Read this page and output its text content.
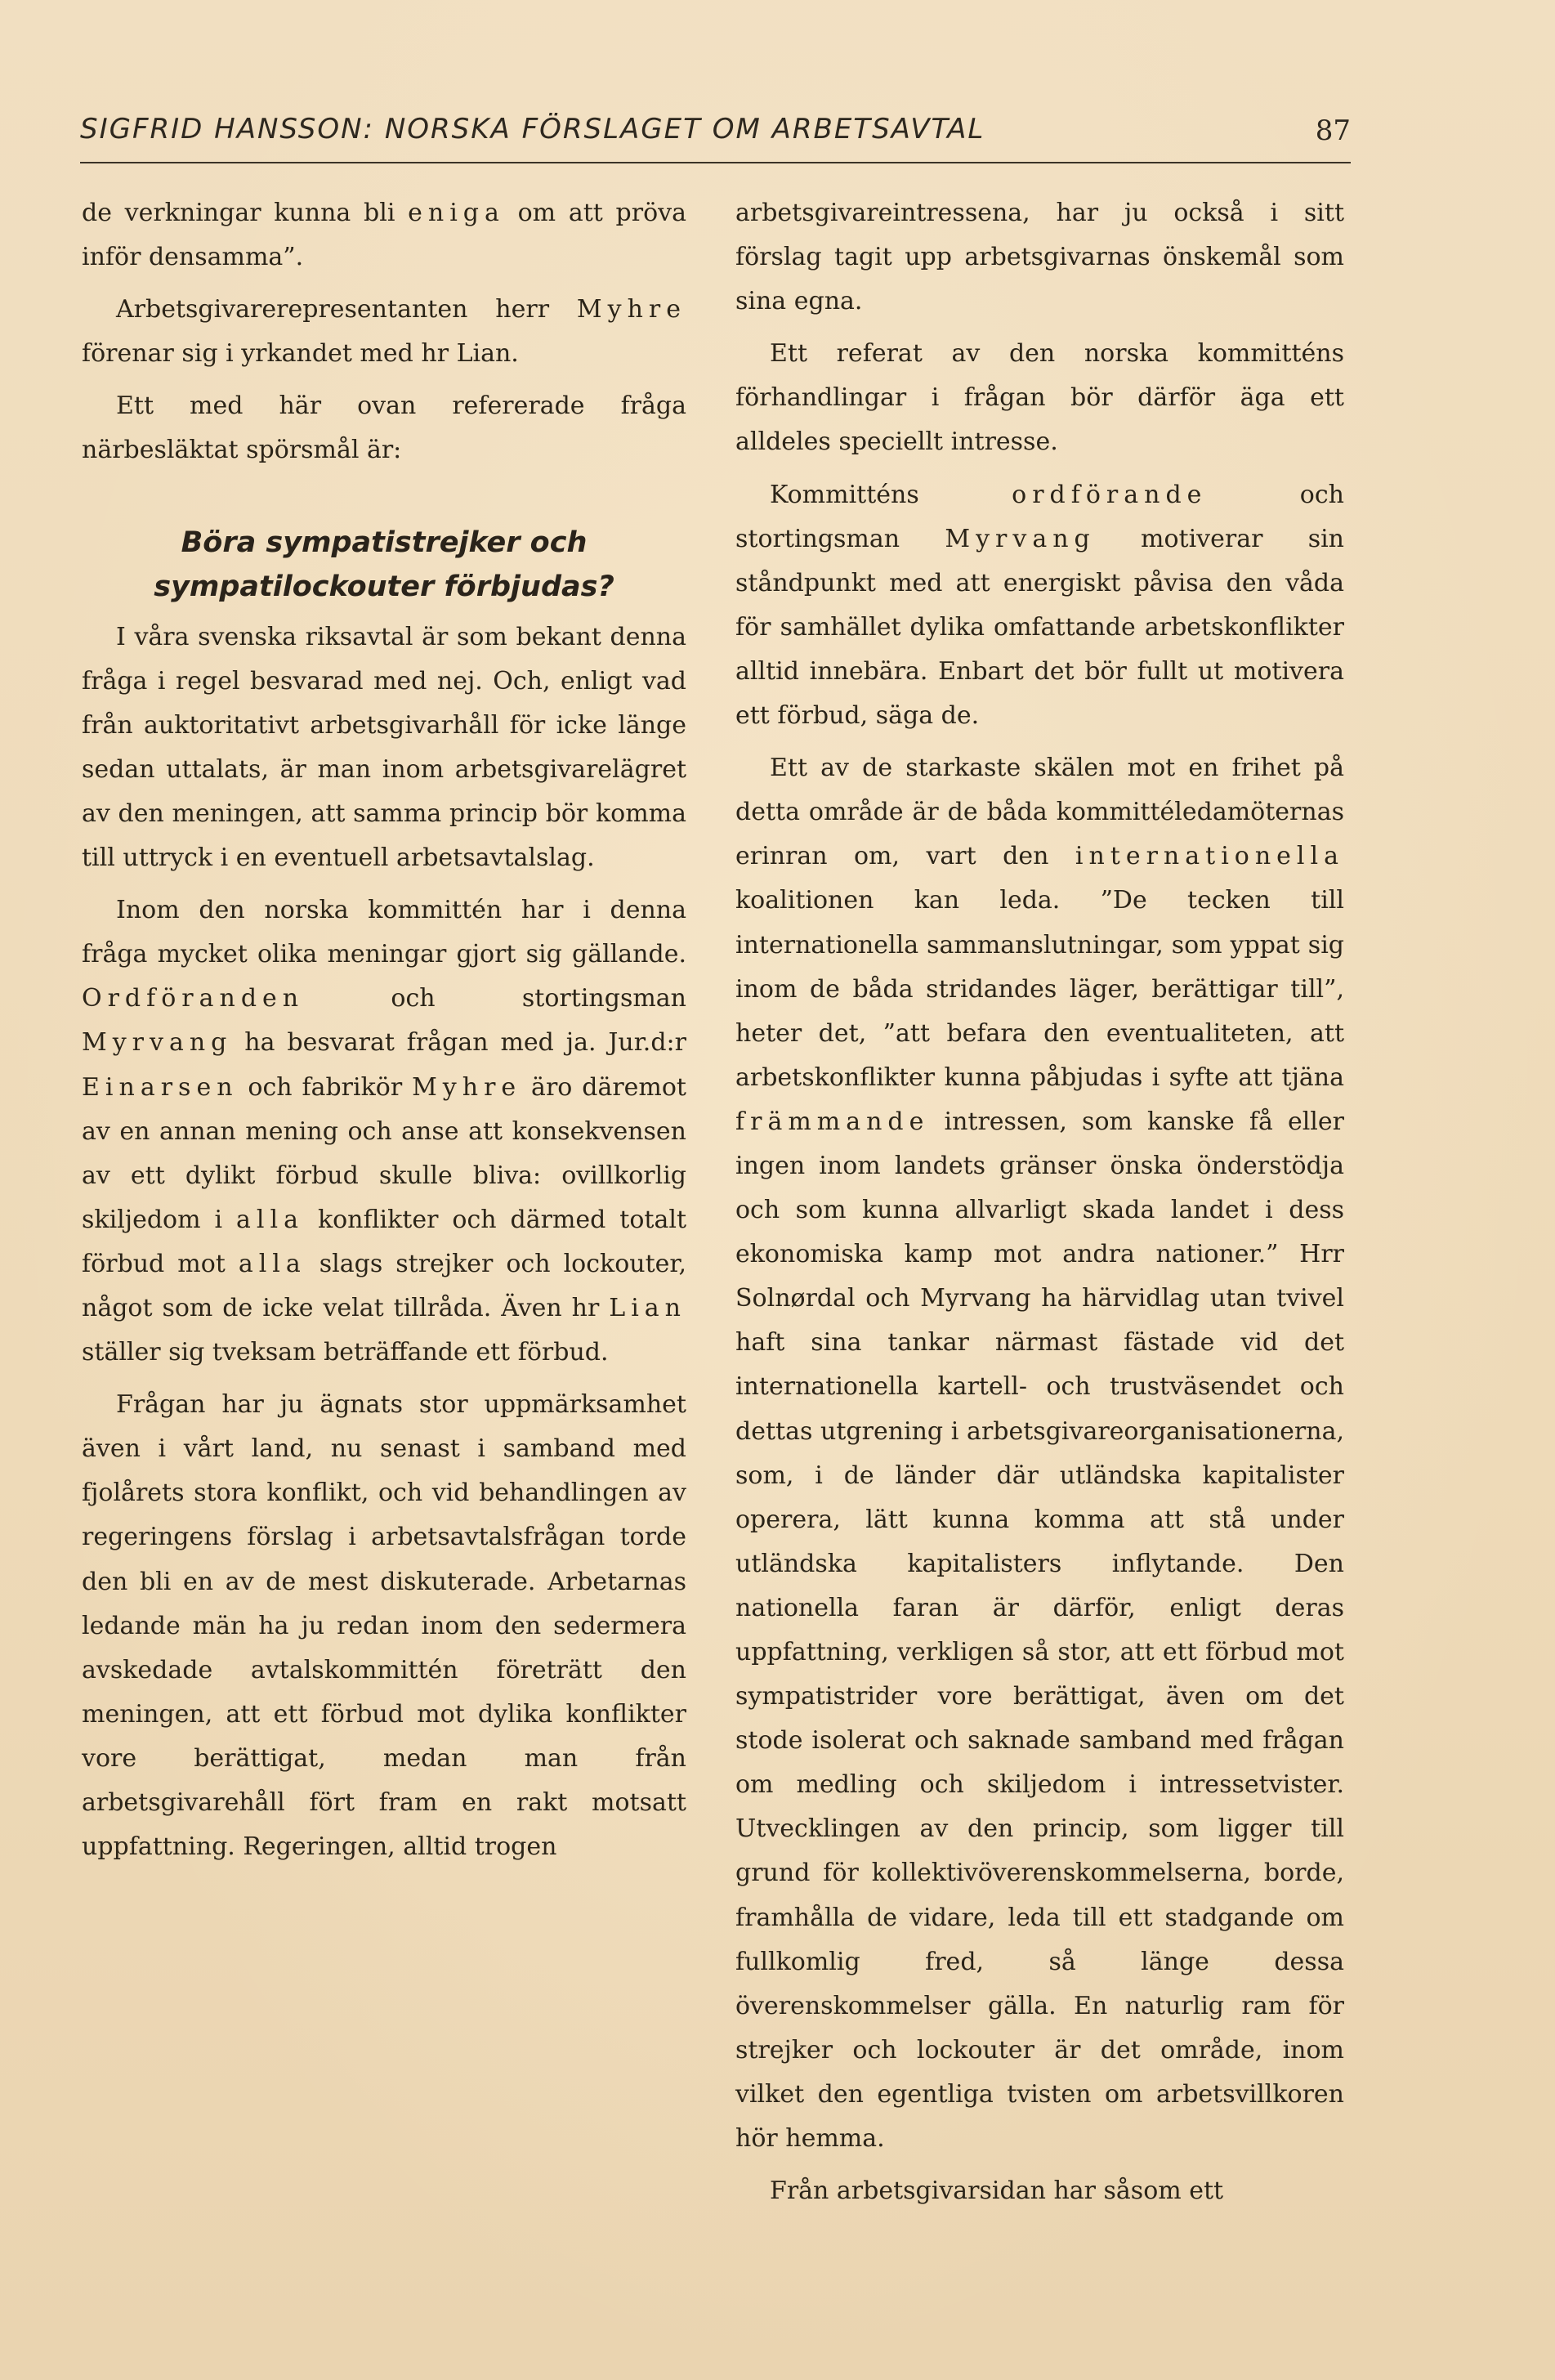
SIGFRID HANSSON: NORSKA FÖRSLAGET OM ARBETSAVTAL	87

de verkningar kunna bli eniga om att pröva inför densamma”.

Arbetsgivarerepresentanten herr Myhre förenar sig i yrkandet med hr Lian.

Ett med här ovan refererade fråga närbesläktat spörsmål är:

Böra sympatistrejker och sympatilockouter förbjudas?

I våra svenska riksavtal är som bekant denna fråga i regel besvarad med nej. Och, enligt vad från auktoritativt arbetsgivarhåll för icke länge sedan uttalats, är man inom arbetsgivarelägret av den meningen, att samma princip bör komma till uttryck i en eventuell arbetsavtalslag.

Inom den norska kommittén har i denna fråga mycket olika meningar gjort sig gällande. Ordföranden och stortingsman Myrvang ha besvarat frågan med ja. Jur.d:r Einarsen och fabrikör Myhre äro däremot av en annan mening och anse att konsekvensen av ett dylikt förbud skulle bliva: ovillkorlig skiljedom i alla konflikter och därmed totalt förbud mot alla slags strejker och lockouter, något som de icke velat tillråda. Även hr Lian ställer sig tveksam beträffande ett förbud.

Frågan har ju ägnats stor uppmärksamhet även i vårt land, nu senast i samband med fjolårets stora konflikt, och vid behandlingen av regeringens förslag i arbetsavtalsfrågan torde den bli en av de mest diskuterade. Arbetarnas ledande män ha ju redan inom den sedermera avskedade avtalskommittén företrätt den meningen, att ett förbud mot dylika konflikter vore berättigat, medan man från arbetsgivarehåll fört fram en rakt motsatt uppfattning. Regeringen, alltid trogen

arbetsgivareintressena, har ju också i sitt förslag tagit upp arbetsgivarnas önskemål som sina egna.

Ett referat av den norska kommitténs förhandlingar i frågan bör därför äga ett alldeles speciellt intresse.

Kommitténs ordförande och stortingsman Myrvang motiverar sin ståndpunkt med att energiskt påvisa den våda för samhället dylika omfattande arbetskonflikter alltid innebära. Enbart det bör fullt ut motivera ett förbud, säga de.

Ett av de starkaste skälen mot en frihet på detta område är de båda kommittéledamöternas erinran om, vart den internationella koalitionen kan leda. ”De tecken till internationella sammanslutningar, som yppat sig inom de båda stridandes läger, berättigar till”, heter det, ”att befara den eventualiteten, att arbetskonflikter kunna påbjudas i syfte att tjäna främmande intressen, som kanske få eller ingen inom landets gränser önska önderstödja och som kunna allvarligt skada landet i dess ekonomiska kamp mot andra nationer.” Hrr Solnørdal och Myrvang ha härvidlag utan tvivel haft sina tankar närmast fästade vid det internationella kartell- och trustväsendet och dettas utgrening i arbetsgivareorganisationerna, som, i de länder där utländska kapitalister operera, lätt kunna komma att stå under utländska kapitalisters inflytande. Den nationella faran är därför, enligt deras uppfattning, verkligen så stor, att ett förbud mot sympatistrider vore berättigat, även om det stode isolerat och saknade samband med frågan om medling och skiljedom i intressetvister. Utvecklingen av den princip, som ligger till grund för kollektivöverenskommelserna, borde, framhålla de vidare, leda till ett stadgande om fullkomlig fred, så länge dessa överenskommelser gälla. En naturlig ram för strejker och lockouter är det område, inom vilket den egentliga tvisten om arbetsvillkoren hör hemma.

Från arbetsgivarsidan har såsom ett
